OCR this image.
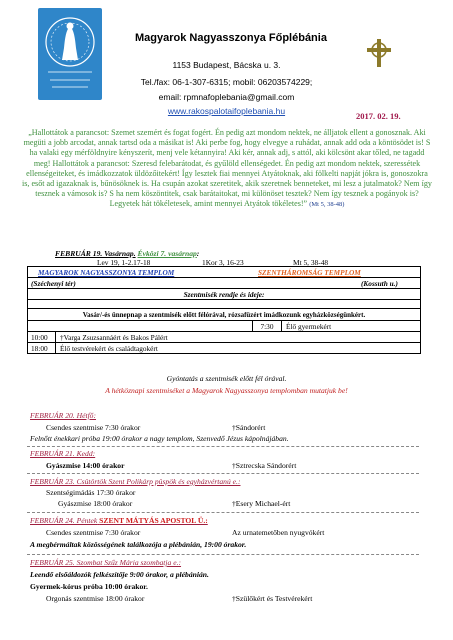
Magyarok Nagyasszonya Főplébánia
1153 Budapest, Bácska u. 3.
Tel./fax: 06-1-307-6315; mobil: 06203574229;
email: rpmnafoplebania@gmail.com
www.rakospalotaifoplebania.hu	2017. 02. 19.
„Hallottátok a parancsot: Szemet szemért és fogat fogért. Én pedig azt mondom nektek, ne álljatok ellent a gonosznak. Aki megüti a jobb arcodat, annak tartsd oda a másikat is! Aki perbe fog, hogy elvegye a ruhádat, annak add oda a köntösödet is! S ha valaki egy mérföldnyire kényszerít, menj vele kétannyira! Aki kér, annak adj, s attól, aki kölcsönt akar tőled, ne tagadd meg! Hallottátok a parancsot: Szeresd felebarátodat, és gyűlöld ellenségedet. Én pedig azt mondom nektek, szeressétek ellenségeiteket, és imádkozzatok üldözőitekért! Így lesztek fiai mennyei Atyátoknak, aki fölkelti napját jókra is, gonoszokra is, esőt ad igazaknak is, bűnösöknek is. Ha csupán azokat szeretitek, akik szeretnek benneteket, mi lesz a jutalmatok? Nem így tesznek a vámosok is? S ha nem köszöntitek, csak barátaitokat, mi különöset tesztek? Nem így tesznek a pogányok is? Legyetek hát tökéletesek, amint mennyei Atyátok tökéletes!” (Mt 5, 38-48)
FEBRUÁR 19. Vasárnap. Évközi 7. vasárnap:
Lev 19, 1-2.17-18	1Kor 3, 16-23	Mt 5, 38-48
MAGYAROK NAGYASSZONYA TEMPLOM	SZENTHÁROMSÁG TEMPLOM
(Széchenyi tér)	(Kossuth u.)
Szentmisék rendje és ideje:
Vasár/-és ünnepnap a szentmisék előtt félórával, rózsafüzért imádkozunk egyházközségünkért.
7:30	Élő gyermekért
10:00	†Varga Zsuzsannáért és Bakos Pálért
18:00	Élő testvérekért és családtagokért
Gyóntatás a szentmisék előtt fél órával.
A hétköznapi szentmiséket a Magyarok Nagyasszonya templomban mutatjuk be!
FEBRUÁR 20. Hétfő:
Csendes szentmise 7:30 órakor	†Sándorért
Felnőtt énekkari próba 19:00 órakor a nagy templom, Szenvedő Jézus kápolnájában.
FEBRUÁR 21. Kedd:
Gyászmise 14:00 órakor	†Sztrecska Sándorért
FEBRUÁR 23. Csütörtök Szent Polikárp püspök és egyházvértanú e.:
Szentségimádás 17:30 órakor
Gyászmise 18:00 órakor	†Esery Michael-ért
FEBRUÁR 24. Péntek SZENT MÁTYÁS APOSTOL Ü.:
Csendes szentmise 7:30 órakor	Az urnatemetőben nyugvókért
A megbérmáltak közösségének találkozója a plébánián, 19:00 órakor.
FEBRUÁR 25. Szombat Szűz Mária szombatja e.:
Leendő elsőáldozók felkészítője 9:00 órakor, a plébánián.
Gyermek-kórus próba 10:00 órakor.
Orgonás szentmise 18:00 órakor	†Szülőkért és Testvérekért
